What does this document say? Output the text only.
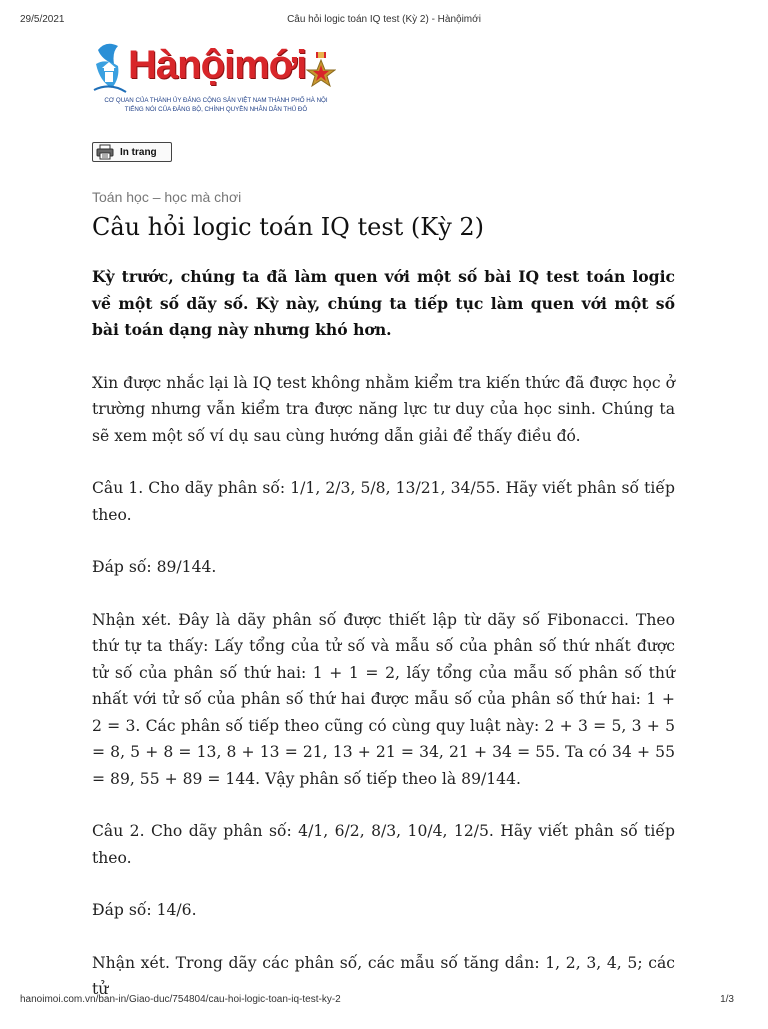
29/5/2021	Câu hỏi logic toán IQ test (Kỳ 2) - Hànộimới
Hànộimới
CƠ QUAN CỦA THÀNH ỦY ĐẢNG CỘNG SẢN VIỆT NAM THÀNH PHỐ HÀ NỘI
TIẾNG NÓI CỦA ĐẢNG BỘ, CHÍNH QUYỀN NHÂN DÂN THỦ ĐÔ
In trang
Toán học – học mà chơi
Câu hỏi logic toán IQ test (Kỳ 2)

Kỳ trước, chúng ta đã làm quen với một số bài IQ test toán logic về một số dãy số. Kỳ này, chúng ta tiếp tục làm quen với một số bài toán dạng này nhưng khó hơn.

Xin được nhắc lại là IQ test không nhằm kiểm tra kiến thức đã được học ở trường nhưng vẫn kiểm tra được năng lực tư duy của học sinh. Chúng ta sẽ xem một số ví dụ sau cùng hướng dẫn giải để thấy điều đó.

Câu 1. Cho dãy phân số: 1/1, 2/3, 5/8, 13/21, 34/55. Hãy viết phân số tiếp theo.

Đáp số: 89/144.

Nhận xét. Đây là dãy phân số được thiết lập từ dãy số Fibonacci. Theo thứ tự ta thấy: Lấy tổng của tử số và mẫu số của phân số thứ nhất được tử số của phân số thứ hai: 1 + 1 = 2, lấy tổng của mẫu số phân số thứ nhất với tử số của phân số thứ hai được mẫu số của phân số thứ hai: 1 + 2 = 3. Các phân số tiếp theo cũng có cùng quy luật này: 2 + 3 = 5, 3 + 5 = 8, 5 + 8 = 13, 8 + 13 = 21, 13 + 21 = 34, 21 + 34 = 55. Ta có 34 + 55 = 89, 55 + 89 = 144. Vậy phân số tiếp theo là 89/144.

Câu 2. Cho dãy phân số: 4/1, 6/2, 8/3, 10/4, 12/5. Hãy viết phân số tiếp theo.

Đáp số: 14/6.

Nhận xét. Trong dãy các phân số, các mẫu số tăng dần: 1, 2, 3, 4, 5; các tử

hanoimoi.com.vn/ban-in/Giao-duc/754804/cau-hoi-logic-toan-iq-test-ky-2	1/3
